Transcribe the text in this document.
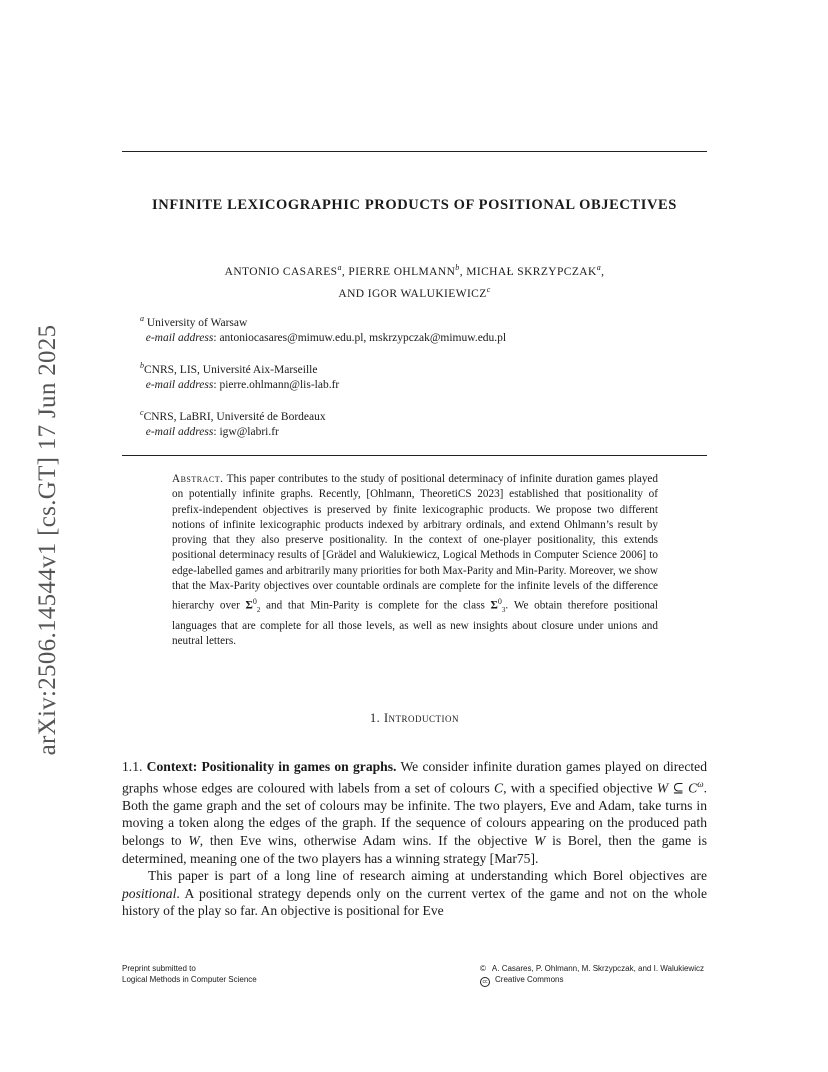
arXiv:2506.14544v1 [cs.GT] 17 Jun 2025
INFINITE LEXICOGRAPHIC PRODUCTS OF POSITIONAL OBJECTIVES
ANTONIO CASARES$^a$, PIERRE OHLMANN$^b$, MICHAŁ SKRZYPCZAK$^a$,
AND IGOR WALUKIEWICZ$^c$
$^a$ University of Warsaw
e-mail address: antoniocasares@mimuw.edu.pl, mskrzypczak@mimuw.edu.pl
$^b$CNRS, LIS, Université Aix-Marseille
e-mail address: pierre.ohlmann@lis-lab.fr
$^c$CNRS, LaBRI, Université de Bordeaux
e-mail address: igw@labri.fr
Abstract. This paper contributes to the study of positional determinacy of infinite duration games played on potentially infinite graphs. Recently, [Ohlmann, TheoretiCS 2023] established that positionality of prefix-independent objectives is preserved by finite lexicographic products. We propose two different notions of infinite lexicographic products indexed by arbitrary ordinals, and extend Ohlmann’s result by proving that they also preserve positionality. In the context of one-player positionality, this extends positional determinacy results of [Grädel and Walukiewicz, Logical Methods in Computer Science 2006] to edge-labelled games and arbitrarily many priorities for both Max-Parity and Min-Parity. Moreover, we show that the Max-Parity objectives over countable ordinals are complete for the infinite levels of the difference hierarchy over $\Sigma^0_2$ and that Min-Parity is complete for the class $\Sigma^0_3$. We obtain therefore positional languages that are complete for all those levels, as well as new insights about closure under unions and neutral letters.
1. Introduction

1.1. Context: Positionality in games on graphs. We consider infinite duration games played on directed graphs whose edges are coloured with labels from a set of colours C, with a specified objective W ⊆ $C^\omega$. Both the game graph and the set of colours may be infinite. The two players, Eve and Adam, take turns in moving a token along the edges of the graph. If the sequence of colours appearing on the produced path belongs to W, then Eve wins, otherwise Adam wins. If the objective W is Borel, then the game is determined, meaning one of the two players has a winning strategy [Mar75].

This paper is part of a long line of research aiming at understanding which Borel objectives are positional. A positional strategy depends only on the current vertex of the game and not on the whole history of the play so far. An objective is positional for Eve

Preprint submitted to
Logical Methods in Computer Science
© A. Casares, P. Ohlmann, M. Skrzypczak, and I. Walukiewicz
cc Creative Commons
